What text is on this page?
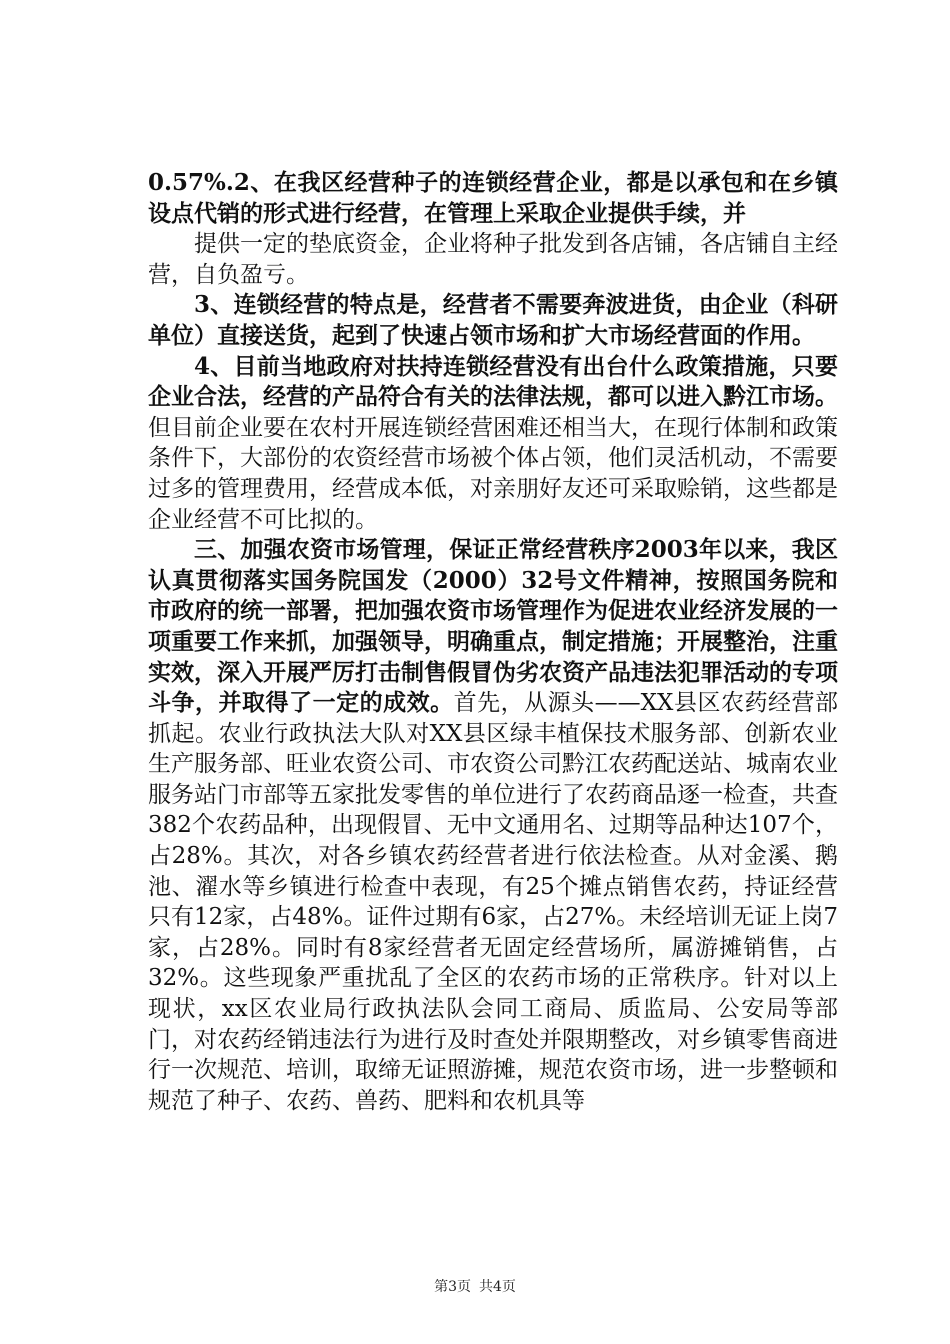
0.57%.2、在我区经营种子的连锁经营企业，都是以承包和在乡镇设点代销的形式进行经营，在管理上采取企业提供手续，并

提供一定的垫底资金，企业将种子批发到各店铺，各店铺自主经营，自负盈亏。

3、连锁经营的特点是，经营者不需要奔波进货，由企业（科研单位）直接送货，起到了快速占领市场和扩大市场经营面的作用。

4、目前当地政府对扶持连锁经营没有出台什么政策措施，只要企业合法，经营的产品符合有关的法律法规，都可以进入黔江市场。但目前企业要在农村开展连锁经营困难还相当大，在现行体制和政策条件下，大部份的农资经营市场被个体占领，他们灵活机动，不需要过多的管理费用，经营成本低，对亲朋好友还可采取赊销，这些都是企业经营不可比拟的。

三、加强农资市场管理，保证正常经营秩序2003年以来，我区认真贯彻落实国务院国发（2000）32号文件精神，按照国务院和市政府的统一部署，把加强农资市场管理作为促进农业经济发展的一项重要工作来抓，加强领导，明确重点，制定措施；开展整治，注重实效，深入开展严厉打击制售假冒伪劣农资产品违法犯罪活动的专项斗争，并取得了一定的成效。首先，从源头——XX县区农药经营部抓起。农业行政执法大队对XX县区绿丰植保技术服务部、创新农业生产服务部、旺业农资公司、市农资公司黔江农药配送站、城南农业服务站门市部等五家批发零售的单位进行了农药商品逐一检查，共查382个农药品种，出现假冒、无中文通用名、过期等品种达107个，占28%。其次，对各乡镇农药经营者进行依法检查。从对金溪、鹅池、濯水等乡镇进行检查中表现，有25个摊点销售农药，持证经营只有12家，占48%。证件过期有6家，占27%。未经培训无证上岗7家，占28%。同时有8家经营者无固定经营场所，属游摊销售，占32%。这些现象严重扰乱了全区的农药市场的正常秩序。针对以上现状，xx区农业局行政执法队会同工商局、质监局、公安局等部门，对农药经销违法行为进行及时查处并限期整改，对乡镇零售商进行一次规范、培训，取缔无证照游摊，规范农资市场，进一步整顿和规范了种子、农药、兽药、肥料和农机具等

第3页 共4页
